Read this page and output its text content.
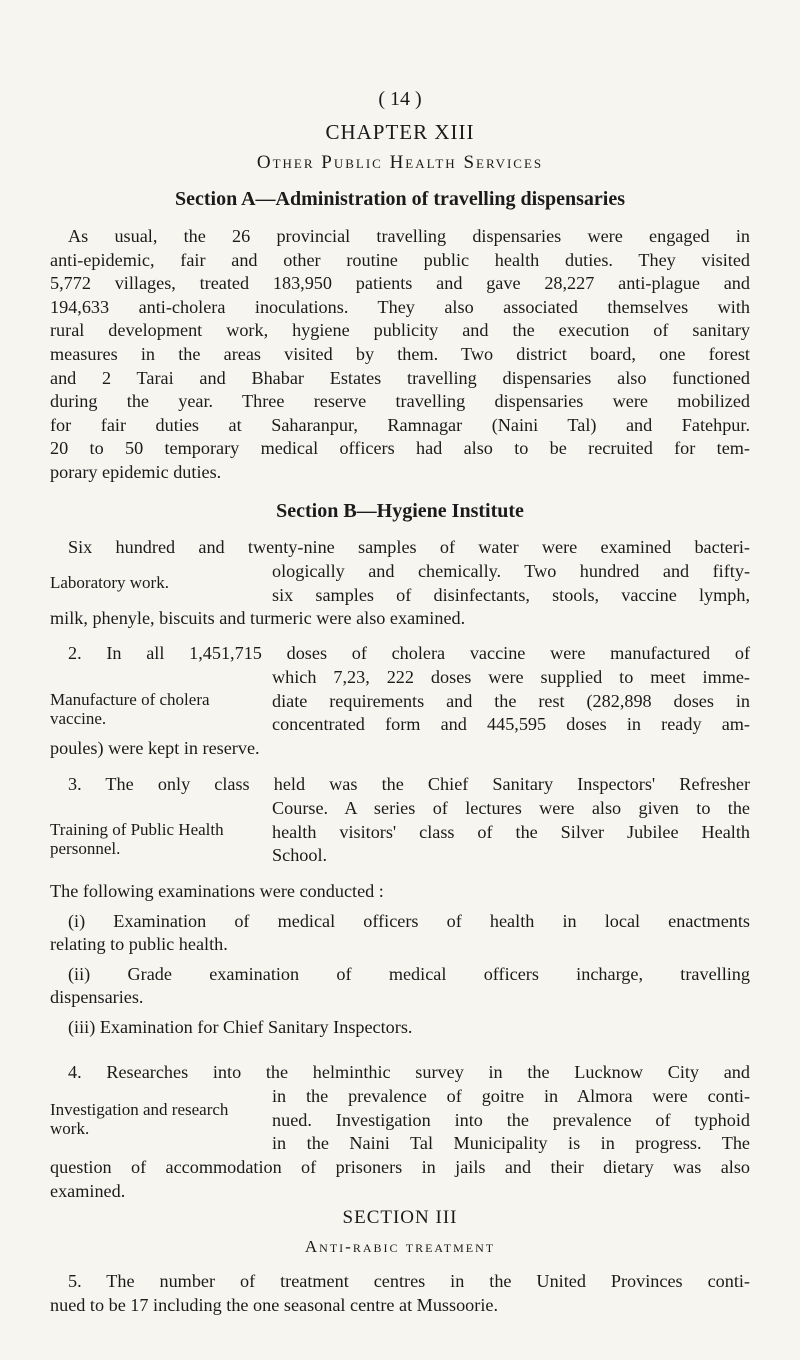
( 14 )
CHAPTER XIII
Other Public Health Services
Section A—Administration of travelling dispensaries
As usual, the 26 provincial travelling dispensaries were engaged in
anti-epidemic, fair and other routine public health duties. They visited
5,772 villages, treated 183,950 patients and gave 28,227 anti-plague and
194,633 anti-cholera inoculations. They also associated themselves with
rural development work, hygiene publicity and the execution of sanitary
measures in the areas visited by them. Two district board, one forest
and 2 Tarai and Bhabar Estates travelling dispensaries also functioned
during the year. Three reserve travelling dispensaries were mobilized
for fair duties at Saharanpur, Ramnagar (Naini Tal) and Fatehpur.
20 to 50 temporary medical officers had also to be recruited for tem-
porary epidemic duties.
Section B—Hygiene Institute
Six hundred and twenty-nine samples of water were examined bacteri-
Laboratory work.
ologically and chemically. Two hundred and fifty-
six samples of disinfectants, stools, vaccine lymph,
milk, phenyle, biscuits and turmeric were also examined.
2. In all 1,451,715 doses of cholera vaccine were manufactured of
Manufacture of cholera vaccine.
which 7,23, 222 doses were supplied to meet imme-
diate requirements and the rest (282,898 doses in
concentrated form and 445,595 doses in ready am-
poules) were kept in reserve.
3. The only class held was the Chief Sanitary Inspectors' Refresher
Training of Public Health personnel.
Course. A series of lectures were also given to the
health visitors' class of the Silver Jubilee Health
School.
The following examinations were conducted :
(i) Examination of medical officers of health in local enactments
relating to public health.
(ii) Grade examination of medical officers incharge, travelling
dispensaries.
(iii) Examination for Chief Sanitary Inspectors.
4. Researches into the helminthic survey in the Lucknow City and
Investigation and research work.
in the prevalence of goitre in Almora were conti-
nued. Investigation into the prevalence of typhoid
in the Naini Tal Municipality is in progress. The
question of accommodation of prisoners in jails and their dietary was also
examined.
SECTION III
Anti-rabic treatment
5. The number of treatment centres in the United Provinces conti-
nued to be 17 including the one seasonal centre at Mussoorie.
